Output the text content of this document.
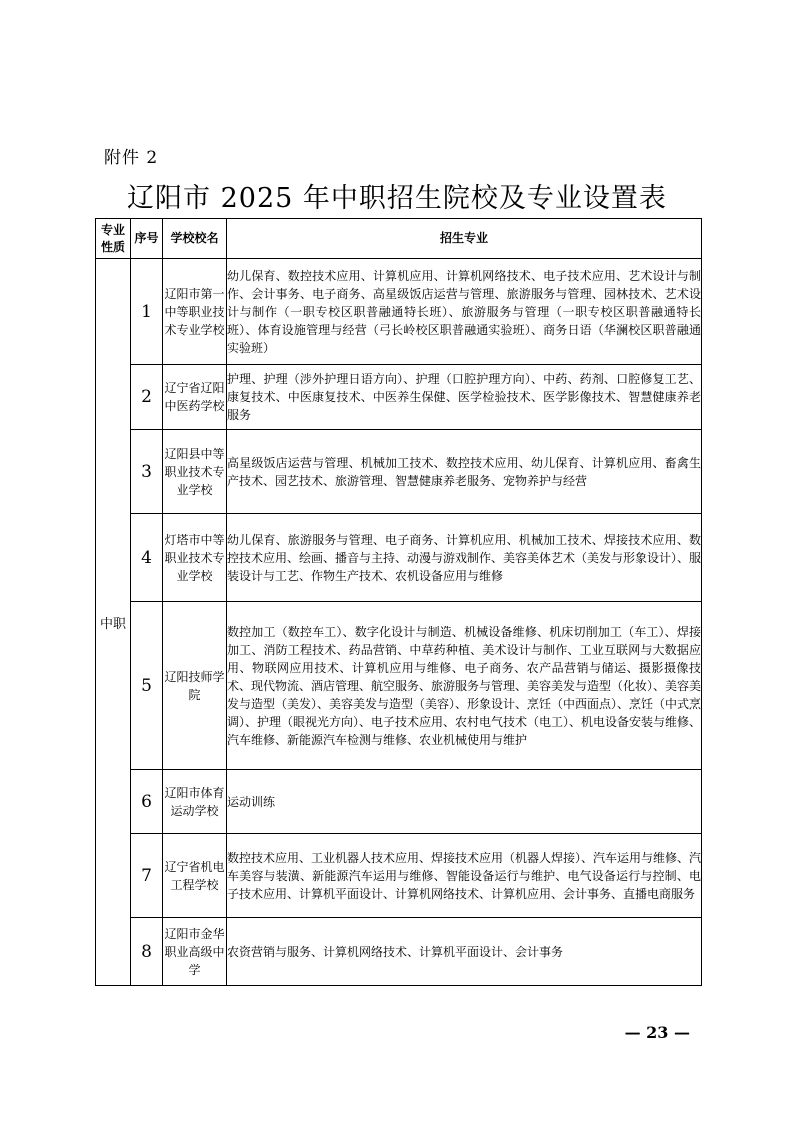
附件 2
辽阳市 2025 年中职招生院校及专业设置表
专业性质	序号	学校校名	招生专业
中职	1	辽阳市第一中等职业技术专业学校	幼儿保育、数控技术应用、计算机应用、计算机网络技术、电子技术应用、艺术设计与制作、会计事务、电子商务、高星级饭店运营与管理、旅游服务与管理、园林技术、艺术设计与制作（一职专校区职普融通特长班）、旅游服务与管理（一职专校区职普融通特长班）、体育设施管理与经营（弓长岭校区职普融通实验班）、商务日语（华澜校区职普融通实验班）
	2	辽宁省辽阳中医药学校	护理、护理（涉外护理日语方向）、护理（口腔护理方向）、中药、药剂、口腔修复工艺、康复技术、中医康复技术、中医养生保健、医学检验技术、医学影像技术、智慧健康养老服务
	3	辽阳县中等职业技术专业学校	高星级饭店运营与管理、机械加工技术、数控技术应用、幼儿保育、计算机应用、畜禽生产技术、园艺技术、旅游管理、智慧健康养老服务、宠物养护与经营
	4	灯塔市中等职业技术专业学校	幼儿保育、旅游服务与管理、电子商务、计算机应用、机械加工技术、焊接技术应用、数控技术应用、绘画、播音与主持、动漫与游戏制作、美容美体艺术（美发与形象设计）、服装设计与工艺、作物生产技术、农机设备应用与维修
	5	辽阳技师学院	数控加工（数控车工）、数字化设计与制造、机械设备维修、机床切削加工（车工）、焊接加工、消防工程技术、药品营销、中草药种植、美术设计与制作、工业互联网与大数据应用、物联网应用技术、计算机应用与维修、电子商务、农产品营销与储运、摄影摄像技术、现代物流、酒店管理、航空服务、旅游服务与管理、美容美发与造型（化妆）、美容美发与造型（美发）、美容美发与造型（美容）、形象设计、烹饪（中西面点）、烹饪（中式烹调）、护理（眼视光方向）、电子技术应用、农村电气技术（电工）、机电设备安装与维修、汽车维修、新能源汽车检测与维修、农业机械使用与维护
	6	辽阳市体育运动学校	运动训练
	7	辽宁省机电工程学校	数控技术应用、工业机器人技术应用、焊接技术应用（机器人焊接）、汽车运用与维修、汽车美容与装潢、新能源汽车运用与维修、智能设备运行与维护、电气设备运行与控制、电子技术应用、计算机平面设计、计算机网络技术、计算机应用、会计事务、直播电商服务
	8	辽阳市金华职业高级中学	农资营销与服务、计算机网络技术、计算机平面设计、会计事务
— 23 —
